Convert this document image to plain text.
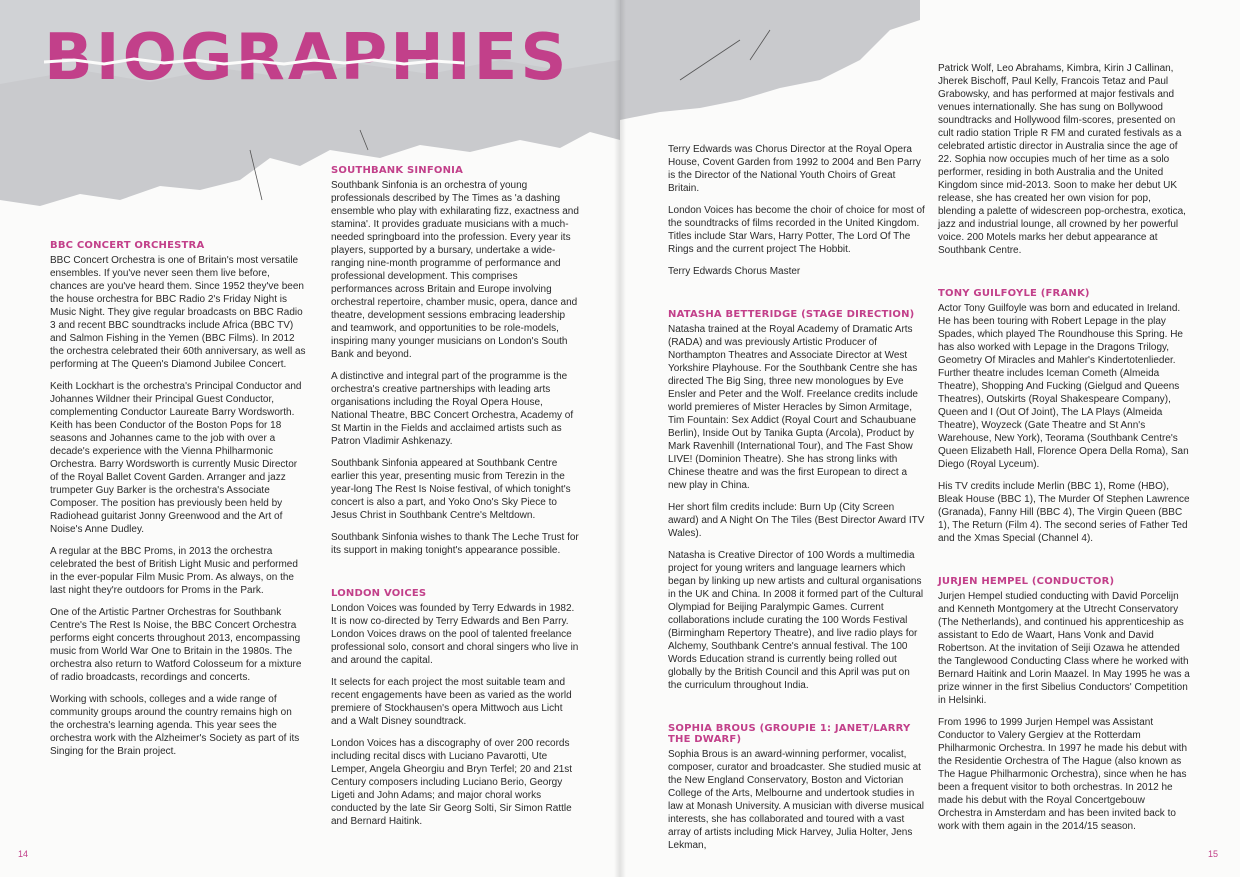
BIOGRAPHIES
BBC CONCERT ORCHESTRA

BBC Concert Orchestra is one of Britain's most versatile ensembles. If you've never seen them live before, chances are you've heard them. Since 1952 they've been the house orchestra for BBC Radio 2's Friday Night is Music Night. They give regular broadcasts on BBC Radio 3 and recent BBC soundtracks include Africa (BBC TV) and Salmon Fishing in the Yemen (BBC Films). In 2012 the orchestra celebrated their 60th anniversary, as well as performing at The Queen's Diamond Jubilee Concert.

Keith Lockhart is the orchestra's Principal Conductor and Johannes Wildner their Principal Guest Conductor, complementing Conductor Laureate Barry Wordsworth. Keith has been Conductor of the Boston Pops for 18 seasons and Johannes came to the job with over a decade's experience with the Vienna Philharmonic Orchestra. Barry Wordsworth is currently Music Director of the Royal Ballet Covent Garden. Arranger and jazz trumpeter Guy Barker is the orchestra's Associate Composer. The position has previously been held by Radiohead guitarist Jonny Greenwood and the Art of Noise's Anne Dudley.

A regular at the BBC Proms, in 2013 the orchestra celebrated the best of British Light Music and performed in the ever-popular Film Music Prom. As always, on the last night they're outdoors for Proms in the Park.

One of the Artistic Partner Orchestras for Southbank Centre's The Rest Is Noise, the BBC Concert Orchestra performs eight concerts throughout 2013, encompassing music from World War One to Britain in the 1980s. The orchestra also return to Watford Colosseum for a mixture of radio broadcasts, recordings and concerts.

Working with schools, colleges and a wide range of community groups around the country remains high on the orchestra's learning agenda. This year sees the orchestra work with the Alzheimer's Society as part of its Singing for the Brain project.

SOUTHBANK SINFONIA

Southbank Sinfonia is an orchestra of young professionals described by The Times as 'a dashing ensemble who play with exhilarating fizz, exactness and stamina'. It provides graduate musicians with a much-needed springboard into the profession. Every year its players, supported by a bursary, undertake a wide-ranging nine-month programme of performance and professional development. This comprises performances across Britain and Europe involving orchestral repertoire, chamber music, opera, dance and theatre, development sessions embracing leadership and teamwork, and opportunities to be role-models, inspiring many younger musicians on London's South Bank and beyond.

A distinctive and integral part of the programme is the orchestra's creative partnerships with leading arts organisations including the Royal Opera House, National Theatre, BBC Concert Orchestra, Academy of St Martin in the Fields and acclaimed artists such as Patron Vladimir Ashkenazy.

Southbank Sinfonia appeared at Southbank Centre earlier this year, presenting music from Terezin in the year-long The Rest Is Noise festival, of which tonight's concert is also a part, and Yoko Ono's Sky Piece to Jesus Christ in Southbank Centre's Meltdown.

Southbank Sinfonia wishes to thank The Leche Trust for its support in making tonight's appearance possible.

LONDON VOICES

London Voices was founded by Terry Edwards in 1982. It is now co-directed by Terry Edwards and Ben Parry. London Voices draws on the pool of talented freelance professional solo, consort and choral singers who live in and around the capital.

It selects for each project the most suitable team and recent engagements have been as varied as the world premiere of Stockhausen's opera Mittwoch aus Licht and a Walt Disney soundtrack.

London Voices has a discography of over 200 records including recital discs with Luciano Pavarotti, Ute Lemper, Angela Gheorgiu and Bryn Terfel; 20 and 21st Century composers including Luciano Berio, Georgy Ligeti and John Adams; and major choral works conducted by the late Sir Georg Solti, Sir Simon Rattle and Bernard Haitink.

14

Terry Edwards was Chorus Director at the Royal Opera House, Covent Garden from 1992 to 2004 and Ben Parry is the Director of the National Youth Choirs of Great Britain.

London Voices has become the choir of choice for most of the soundtracks of films recorded in the United Kingdom. Titles include Star Wars, Harry Potter, The Lord Of The Rings and the current project The Hobbit.

Terry Edwards Chorus Master

NATASHA BETTERIDGE (STAGE DIRECTION)

Natasha trained at the Royal Academy of Dramatic Arts (RADA) and was previously Artistic Producer of Northampton Theatres and Associate Director at West Yorkshire Playhouse. For the Southbank Centre she has directed The Big Sing, three new monologues by Eve Ensler and Peter and the Wolf. Freelance credits include world premieres of Mister Heracles by Simon Armitage, Tim Fountain: Sex Addict (Royal Court and Schaubuane Berlin), Inside Out by Tanika Gupta (Arcola), Product by Mark Ravenhill (International Tour), and The Fast Show LIVE! (Dominion Theatre). She has strong links with Chinese theatre and was the first European to direct a new play in China.

Her short film credits include: Burn Up (City Screen award) and A Night On The Tiles (Best Director Award ITV Wales).

Natasha is Creative Director of 100 Words a multimedia project for young writers and language learners which began by linking up new artists and cultural organisations in the UK and China. In 2008 it formed part of the Cultural Olympiad for Beijing Paralympic Games. Current collaborations include curating the 100 Words Festival (Birmingham Repertory Theatre), and live radio plays for Alchemy, Southbank Centre's annual festival. The 100 Words Education strand is currently being rolled out globally by the British Council and this April was put on the curriculum throughout India.

SOPHIA BROUS (GROUPIE 1: JANET/LARRY THE DWARF)

Sophia Brous is an award-winning performer, vocalist, composer, curator and broadcaster. She studied music at the New England Conservatory, Boston and Victorian College of the Arts, Melbourne and undertook studies in law at Monash University. A musician with diverse musical interests, she has collaborated and toured with a vast array of artists including Mick Harvey, Julia Holter, Jens Lekman,

Patrick Wolf, Leo Abrahams, Kimbra, Kirin J Callinan, Jherek Bischoff, Paul Kelly, Francois Tetaz and Paul Grabowsky, and has performed at major festivals and venues internationally. She has sung on Bollywood soundtracks and Hollywood film-scores, presented on cult radio station Triple R FM and curated festivals as a celebrated artistic director in Australia since the age of 22. Sophia now occupies much of her time as a solo performer, residing in both Australia and the United Kingdom since mid-2013. Soon to make her debut UK release, she has created her own vision for pop, blending a palette of widescreen pop-orchestra, exotica, jazz and industrial lounge, all crowned by her powerful voice. 200 Motels marks her debut appearance at Southbank Centre.

TONY GUILFOYLE (FRANK)

Actor Tony Guilfoyle was born and educated in Ireland. He has been touring with Robert Lepage in the play Spades, which played The Roundhouse this Spring. He has also worked with Lepage in the Dragons Trilogy, Geometry Of Miracles and Mahler's Kindertotenlieder. Further theatre includes Iceman Cometh (Almeida Theatre), Shopping And Fucking (Gielgud and Queens Theatres), Outskirts (Royal Shakespeare Company), Queen and I (Out Of Joint), The LA Plays (Almeida Theatre), Woyzeck (Gate Theatre and St Ann's Warehouse, New York), Teorama (Southbank Centre's Queen Elizabeth Hall, Florence Opera Della Roma), San Diego (Royal Lyceum).

His TV credits include Merlin (BBC 1), Rome (HBO), Bleak House (BBC 1), The Murder Of Stephen Lawrence (Granada), Fanny Hill (BBC 4), The Virgin Queen (BBC 1), The Return (Film 4). The second series of Father Ted and the Xmas Special (Channel 4).

JURJEN HEMPEL (CONDUCTOR)

Jurjen Hempel studied conducting with David Porcelijn and Kenneth Montgomery at the Utrecht Conservatory (The Netherlands), and continued his apprenticeship as assistant to Edo de Waart, Hans Vonk and David Robertson. At the invitation of Seiji Ozawa he attended the Tanglewood Conducting Class where he worked with Bernard Haitink and Lorin Maazel. In May 1995 he was a prize winner in the first Sibelius Conductors' Competition in Helsinki.

From 1996 to 1999 Jurjen Hempel was Assistant Conductor to Valery Gergiev at the Rotterdam Philharmonic Orchestra. In 1997 he made his debut with the Residentie Orchestra of The Hague (also known as The Hague Philharmonic Orchestra), since when he has been a frequent visitor to both orchestras. In 2012 he made his debut with the Royal Concertgebouw Orchestra in Amsterdam and has been invited back to work with them again in the 2014/15 season.

15
